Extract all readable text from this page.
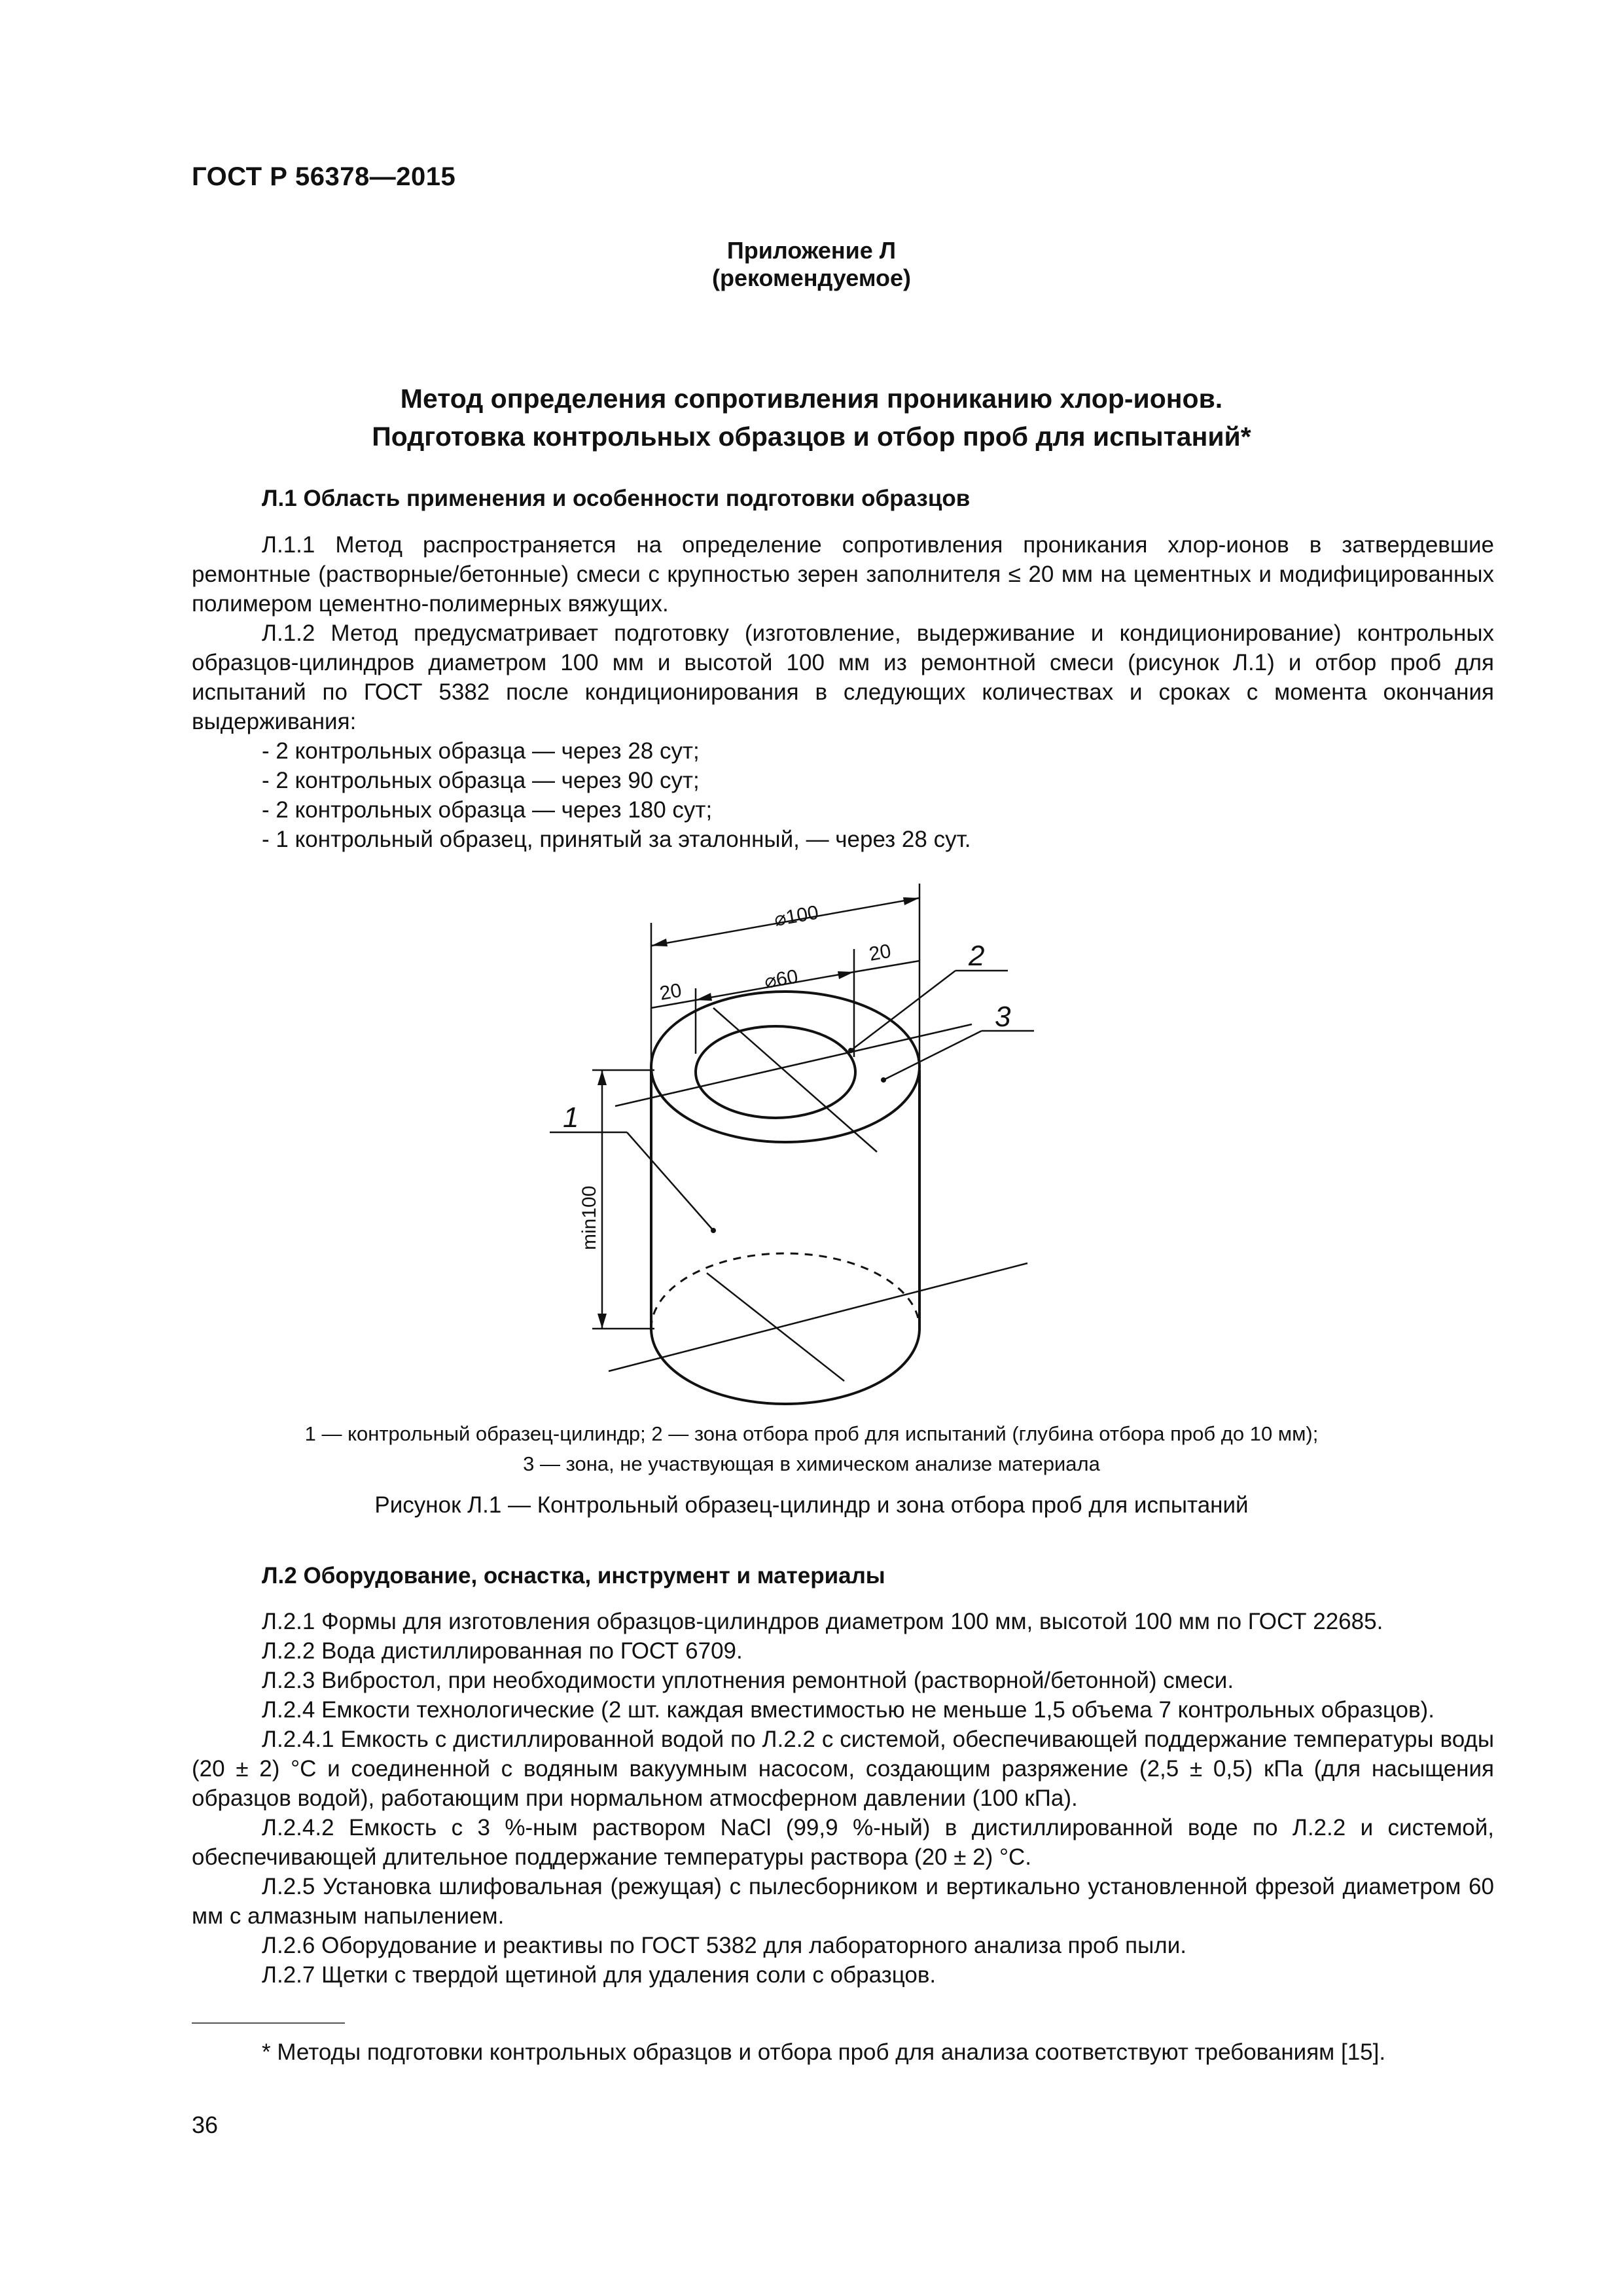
ГОСТ Р 56378—2015
Приложение Л
(рекомендуемое)
Метод определения сопротивления прониканию хлор-ионов.
Подготовка контрольных образцов и отбор проб для испытаний*
Л.1 Область применения и особенности подготовки образцов
Л.1.1 Метод распространяется на определение сопротивления проникания хлор-ионов в затвердевшие ремонтные (растворные/бетонные) смеси с крупностью зерен заполнителя ≤ 20 мм на цементных и модифицированных полимером цементно-полимерных вяжущих.
Л.1.2 Метод предусматривает подготовку (изготовление, выдерживание и кондиционирование) контрольных образцов-цилиндров диаметром 100 мм и высотой 100 мм из ремонтной смеси (рисунок Л.1) и отбор проб для испытаний по ГОСТ 5382 после кондиционирования в следующих количествах и сроках с момента окончания выдерживания:
- 2 контрольных образца — через 28 сут;
- 2 контрольных образца — через 90 сут;
- 2 контрольных образца — через 180 сут;
- 1 контрольный образец, принятый за эталонный, — через 28 сут.
⌀100
⌀60
20
20
min100
1
2
3
1 — контрольный образец-цилиндр; 2 — зона отбора проб для испытаний (глубина отбора проб до 10 мм);
3 — зона, не участвующая в химическом анализе материала
Рисунок Л.1 — Контрольный образец-цилиндр и зона отбора проб для испытаний
Л.2 Оборудование, оснастка, инструмент и материалы
Л.2.1 Формы для изготовления образцов-цилиндров диаметром 100 мм, высотой 100 мм по ГОСТ 22685.
Л.2.2 Вода дистиллированная по ГОСТ 6709.
Л.2.3 Вибростол, при необходимости уплотнения ремонтной (растворной/бетонной) смеси.
Л.2.4 Емкости технологические (2 шт. каждая вместимостью не меньше 1,5 объема 7 контрольных образцов).
Л.2.4.1 Емкость с дистиллированной водой по Л.2.2 с системой, обеспечивающей поддержание температуры воды (20 ± 2) °С и соединенной с водяным вакуумным насосом, создающим разряжение (2,5 ± 0,5) кПа (для насыщения образцов водой), работающим при нормальном атмосферном давлении (100 кПа).
Л.2.4.2 Емкость с 3 %-ным раствором NaCl (99,9 %-ный) в дистиллированной воде по Л.2.2 и системой, обеспечивающей длительное поддержание температуры раствора (20 ± 2) °С.
Л.2.5 Установка шлифовальная (режущая) с пылесборником и вертикально установленной фрезой диаметром 60 мм с алмазным напылением.
Л.2.6 Оборудование и реактивы по ГОСТ 5382 для лабораторного анализа проб пыли.
Л.2.7 Щетки с твердой щетиной для удаления соли с образцов.
* Методы подготовки контрольных образцов и отбора проб для анализа соответствуют требованиям [15].
36
